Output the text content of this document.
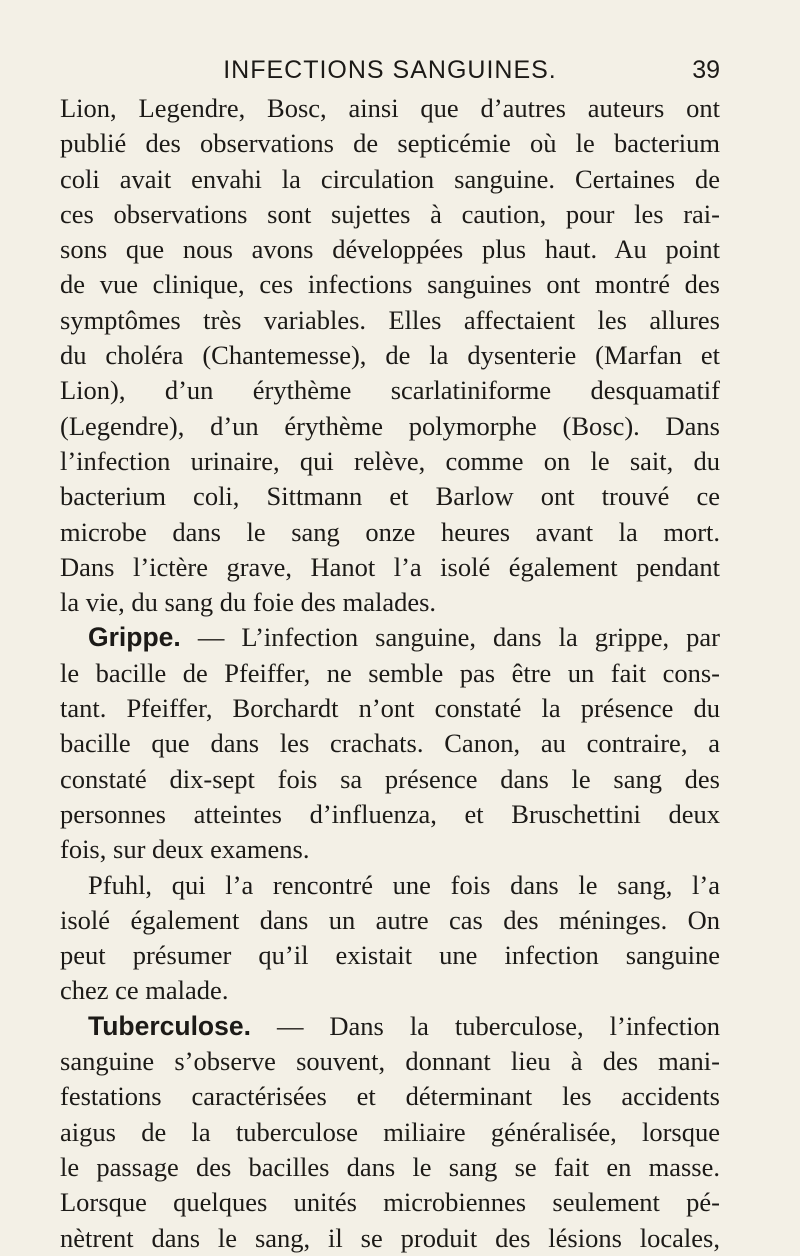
INFECTIONS SANGUINES.	39
Lion, Legendre, Bosc, ainsi que d’autres auteurs ont
publié des observations de septicémie où le bacterium
coli avait envahi la circulation sanguine. Certaines de
ces observations sont sujettes à caution, pour les rai-
sons que nous avons développées plus haut. Au point
de vue clinique, ces infections sanguines ont montré des
symptômes très variables. Elles affectaient les allures
du choléra (Chantemesse), de la dysenterie (Marfan et
Lion), d’un érythème scarlatiniforme desquamatif
(Legendre), d’un érythème polymorphe (Bosc). Dans
l’infection urinaire, qui relève, comme on le sait, du
bacterium coli, Sittmann et Barlow ont trouvé ce
microbe dans le sang onze heures avant la mort.
Dans l’ictère grave, Hanot l’a isolé également pendant
la vie, du sang du foie des malades.
Grippe. — L’infection sanguine, dans la grippe, par
le bacille de Pfeiffer, ne semble pas être un fait cons-
tant. Pfeiffer, Borchardt n’ont constaté la présence du
bacille que dans les crachats. Canon, au contraire, a
constaté dix-sept fois sa présence dans le sang des
personnes atteintes d’influenza, et Bruschettini deux
fois, sur deux examens.
Pfuhl, qui l’a rencontré une fois dans le sang, l’a
isolé également dans un autre cas des méninges. On
peut présumer qu’il existait une infection sanguine
chez ce malade.
Tuberculose. — Dans la tuberculose, l’infection
sanguine s’observe souvent, donnant lieu à des mani-
festations caractérisées et déterminant les accidents
aigus de la tuberculose miliaire généralisée, lorsque
le passage des bacilles dans le sang se fait en masse.
Lorsque quelques unités microbiennes seulement pé-
nètrent dans le sang, il se produit des lésions locales,
